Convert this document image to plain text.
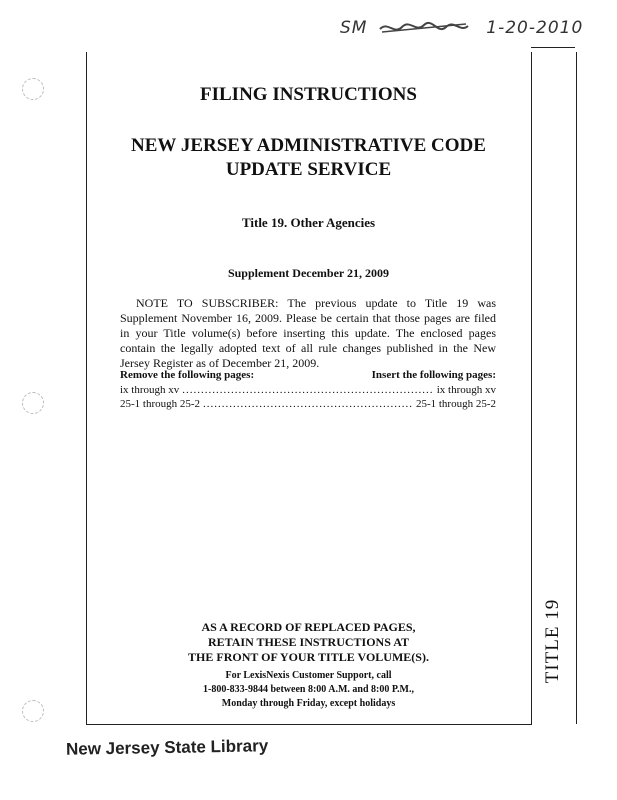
SM	1-20-2010
TITLE 19
FILING INSTRUCTIONS
NEW JERSEY ADMINISTRATIVE CODE
UPDATE SERVICE
Title 19. Other Agencies
Supplement December 21, 2009
NOTE TO SUBSCRIBER: The previous update to Title 19 was Supplement November 16, 2009. Please be certain that those pages are filed in your Title volume(s) before inserting this update. The enclosed pages contain the legally adopted text of all rule changes published in the New Jersey Register as of December 21, 2009.
Remove the following pages:	Insert the following pages:
ix through xv .....	ix through xv
25-1 through 25-2 .....	25-1 through 25-2
AS A RECORD OF REPLACED PAGES,
RETAIN THESE INSTRUCTIONS AT
THE FRONT OF YOUR TITLE VOLUME(S).
For LexisNexis Customer Support, call
1-800-833-9844 between 8:00 A.M. and 8:00 P.M.,
Monday through Friday, except holidays
New Jersey State Library
